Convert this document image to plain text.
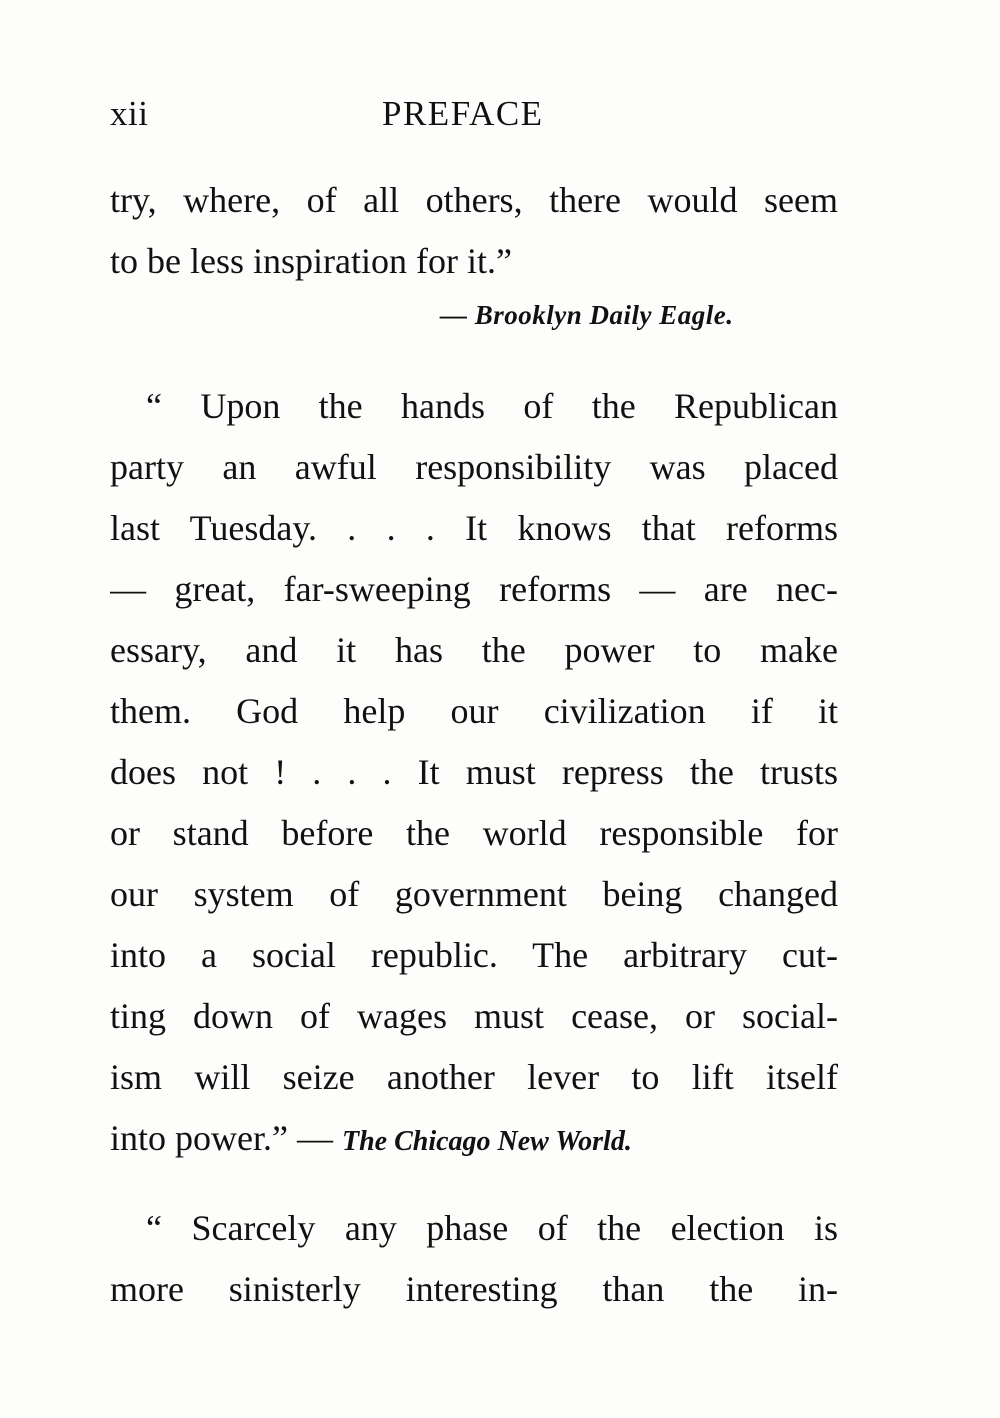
xii	PREFACE
try, where, of all others, there would seem
to be less inspiration for it.”
— Brooklyn Daily Eagle.
“ Upon the hands of the Republican
party an awful responsibility was placed
last Tuesday. . . . It knows that reforms
— great, far-sweeping reforms — are nec-
essary, and it has the power to make
them. God help our civilization if it
does not ! . . . It must repress the trusts
or stand before the world responsible for
our system of government being changed
into a social republic. The arbitrary cut-
ting down of wages must cease, or social-
ism will seize another lever to lift itself
into power.” — The Chicago New World.
“ Scarcely any phase of the election is
more sinisterly interesting than the in-
